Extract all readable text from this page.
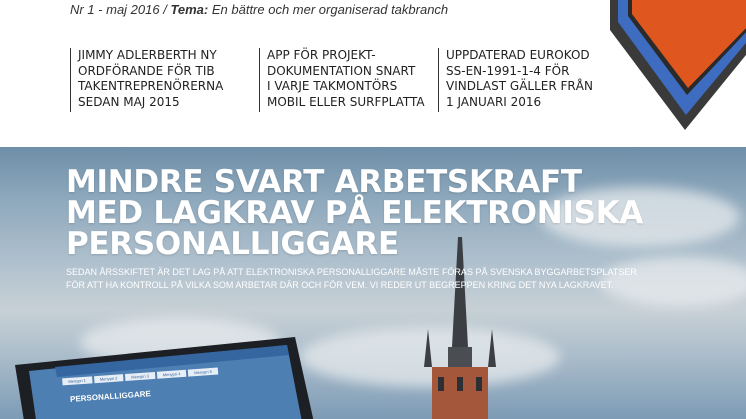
Nr 1 - maj 2016 / Tema: En bättre och mer organiserad takbranch
JIMMY ADLERBERTH NY
ORDFÖRANDE FÖR TIB
TAKENTREPRENÖRERNA
SEDAN MAJ 2015
APP FÖR PROJEKT-
DOKUMENTATION SNART
I VARJE TAKMONTÖRS
MOBIL ELLER SURFPLATTA
UPPDATERAD EUROKOD
SS-EN-1991-1-4 FÖR
VINDLAST GÄLLER FRÅN
1 JANUARI 2016
MINDRE SVART ARBETSKRAFT
MED LAGKRAV PÅ ELEKTRONISKA
PERSONALLIGGARE
SEDAN ÅRSSKIFTET ÄR DET LAG PÅ ATT ELEKTRONISKA PERSONALLIGGARE MÅSTE FÖRAS PÅ SVENSKA BYGGARBETSPLATSER
FÖR ATT HA KONTROLL PÅ VILKA SOM ARBETAR DÄR OCH FÖR VEM. VI REDER UT BEGREPPEN KRING DET NYA LAGKRAVET.
Menypri 1	Menypri 2	Menypri 3	Menypri 4	Menypri 5
PERSONALLIGGARE
